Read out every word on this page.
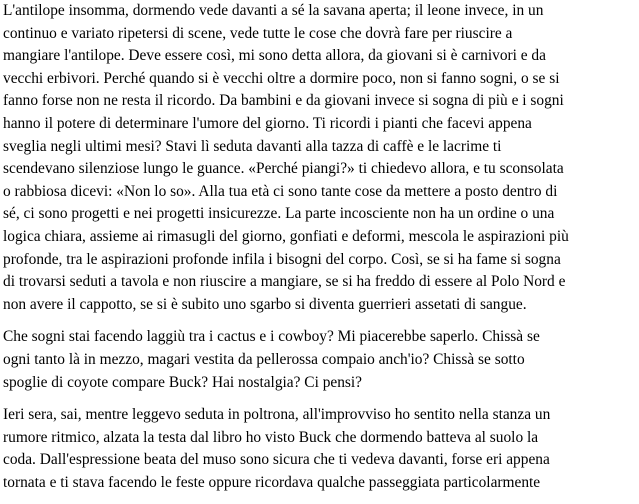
L'antilope insomma, dormendo vede davanti a sé la savana aperta; il leone invece, in un
continuo e variato ripetersi di scene, vede tutte le cose che dovrà fare per riuscire a
mangiare l'antilope. Deve essere così, mi sono detta allora, da giovani si è carnivori e da
vecchi erbivori. Perché quando si è vecchi oltre a dormire poco, non si fanno sogni, o se si
fanno forse non ne resta il ricordo. Da bambini e da giovani invece si sogna di più e i sogni
hanno il potere di determinare l'umore del giorno. Ti ricordi i pianti che facevi appena
sveglia negli ultimi mesi? Stavi lì seduta davanti alla tazza di caffè e le lacrime ti
scendevano silenziose lungo le guance. «Perché piangi?» ti chiedevo allora, e tu sconsolata
o rabbiosa dicevi: «Non lo so». Alla tua età ci sono tante cose da mettere a posto dentro di
sé, ci sono progetti e nei progetti insicurezze. La parte incosciente non ha un ordine o una
logica chiara, assieme ai rimasugli del giorno, gonfiati e deformi, mescola le aspirazioni più
profonde, tra le aspirazioni profonde infila i bisogni del corpo. Così, se si ha fame si sogna
di trovarsi seduti a tavola e non riuscire a mangiare, se si ha freddo di essere al Polo Nord e
non avere il cappotto, se si è subito uno sgarbo si diventa guerrieri assetati di sangue.

Che sogni stai facendo laggiù tra i cactus e i cowboy? Mi piacerebbe saperlo. Chissà se
ogni tanto là in mezzo, magari vestita da pellerossa compaio anch'io? Chissà se sotto
spoglie di coyote compare Buck? Hai nostalgia? Ci pensi?

Ieri sera, sai, mentre leggevo seduta in poltrona, all'improvviso ho sentito nella stanza un
rumore ritmico, alzata la testa dal libro ho visto Buck che dormendo batteva al suolo la
coda. Dall'espressione beata del muso sono sicura che ti vedeva davanti, forse eri appena
tornata e ti stava facendo le feste oppure ricordava qualche passeggiata particolarmente
